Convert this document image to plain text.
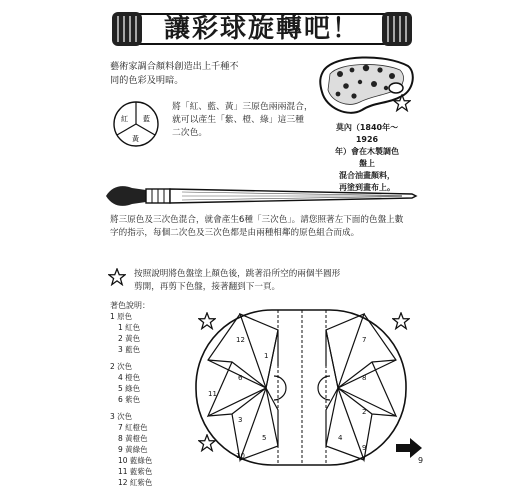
讓彩球旋轉吧！
藝術家調合顏料創造出上千種不
同的色彩及明暗。
紅 藍
黃
將「紅、藍、黃」三原色兩兩混合，
就可以產生「紫、橙、綠」這三種
二次色。
莫內（1840年～1926
年）會在木製調色盤上
混合油畫顏料，
再塗到畫布上。
將三原色及三次色混合，就會產生6種「三次色」。請您照著左下面的色盤上數
字的指示，每個二次色及三次色都是由兩種相鄰的原色組合而成。
按照說明將色盤塗上顏色後，跳著沿所空的兩個半圓形
剪開，再剪下色盤，接著翻到下一頁。
著色說明：
1 原色
1 紅色
2 黃色
3 藍色
2 次色
4 橙色
5 綠色
6 紫色
3 次色
7 紅橙色
8 黃橙色
9 黃綠色
10 藍綠色
11 藍紫色
12 紅紫色
12
1
11
6
3
10
5
7
8
2
4
9
9
